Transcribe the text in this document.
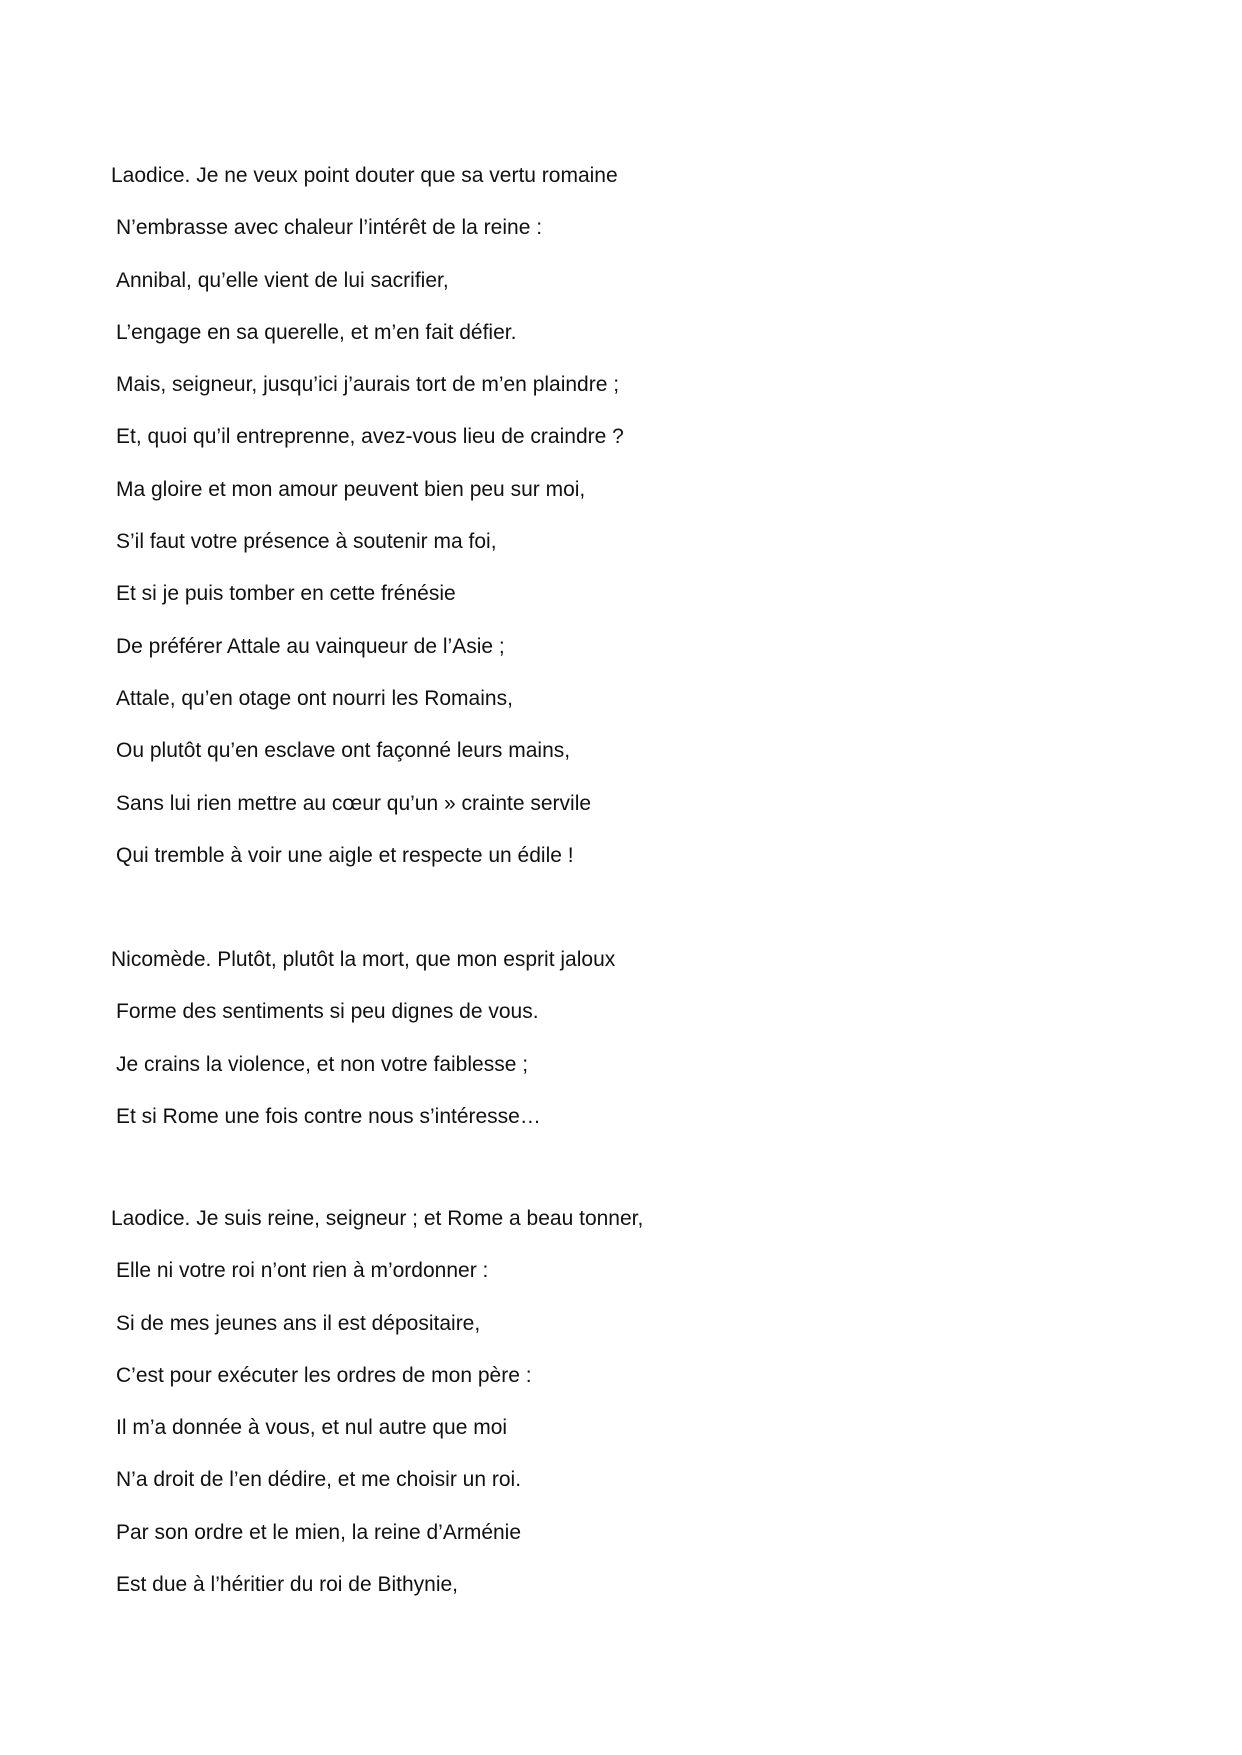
Laodice. Je ne veux point douter que sa vertu romaine
N’embrasse avec chaleur l’intérêt de la reine :
Annibal, qu’elle vient de lui sacrifier,
L’engage en sa querelle, et m’en fait défier.
Mais, seigneur, jusqu’ici j’aurais tort de m’en plaindre ;
Et, quoi qu’il entreprenne, avez-vous lieu de craindre ?
Ma gloire et mon amour peuvent bien peu sur moi,
S’il faut votre présence à soutenir ma foi,
Et si je puis tomber en cette frénésie
De préférer Attale au vainqueur de l’Asie ;
Attale, qu’en otage ont nourri les Romains,
Ou plutôt qu’en esclave ont façonné leurs mains,
Sans lui rien mettre au cœur qu’un » crainte servile
Qui tremble à voir une aigle et respecte un édile !
Nicomède. Plutôt, plutôt la mort, que mon esprit jaloux
Forme des sentiments si peu dignes de vous.
Je crains la violence, et non votre faiblesse ;
Et si Rome une fois contre nous s’intéresse…
Laodice. Je suis reine, seigneur ; et Rome a beau tonner,
Elle ni votre roi n’ont rien à m’ordonner :
Si de mes jeunes ans il est dépositaire,
C’est pour exécuter les ordres de mon père :
Il m’a donnée à vous, et nul autre que moi
N’a droit de l’en dédire, et me choisir un roi.
Par son ordre et le mien, la reine d’Arménie
Est due à l’héritier du roi de Bithynie,
